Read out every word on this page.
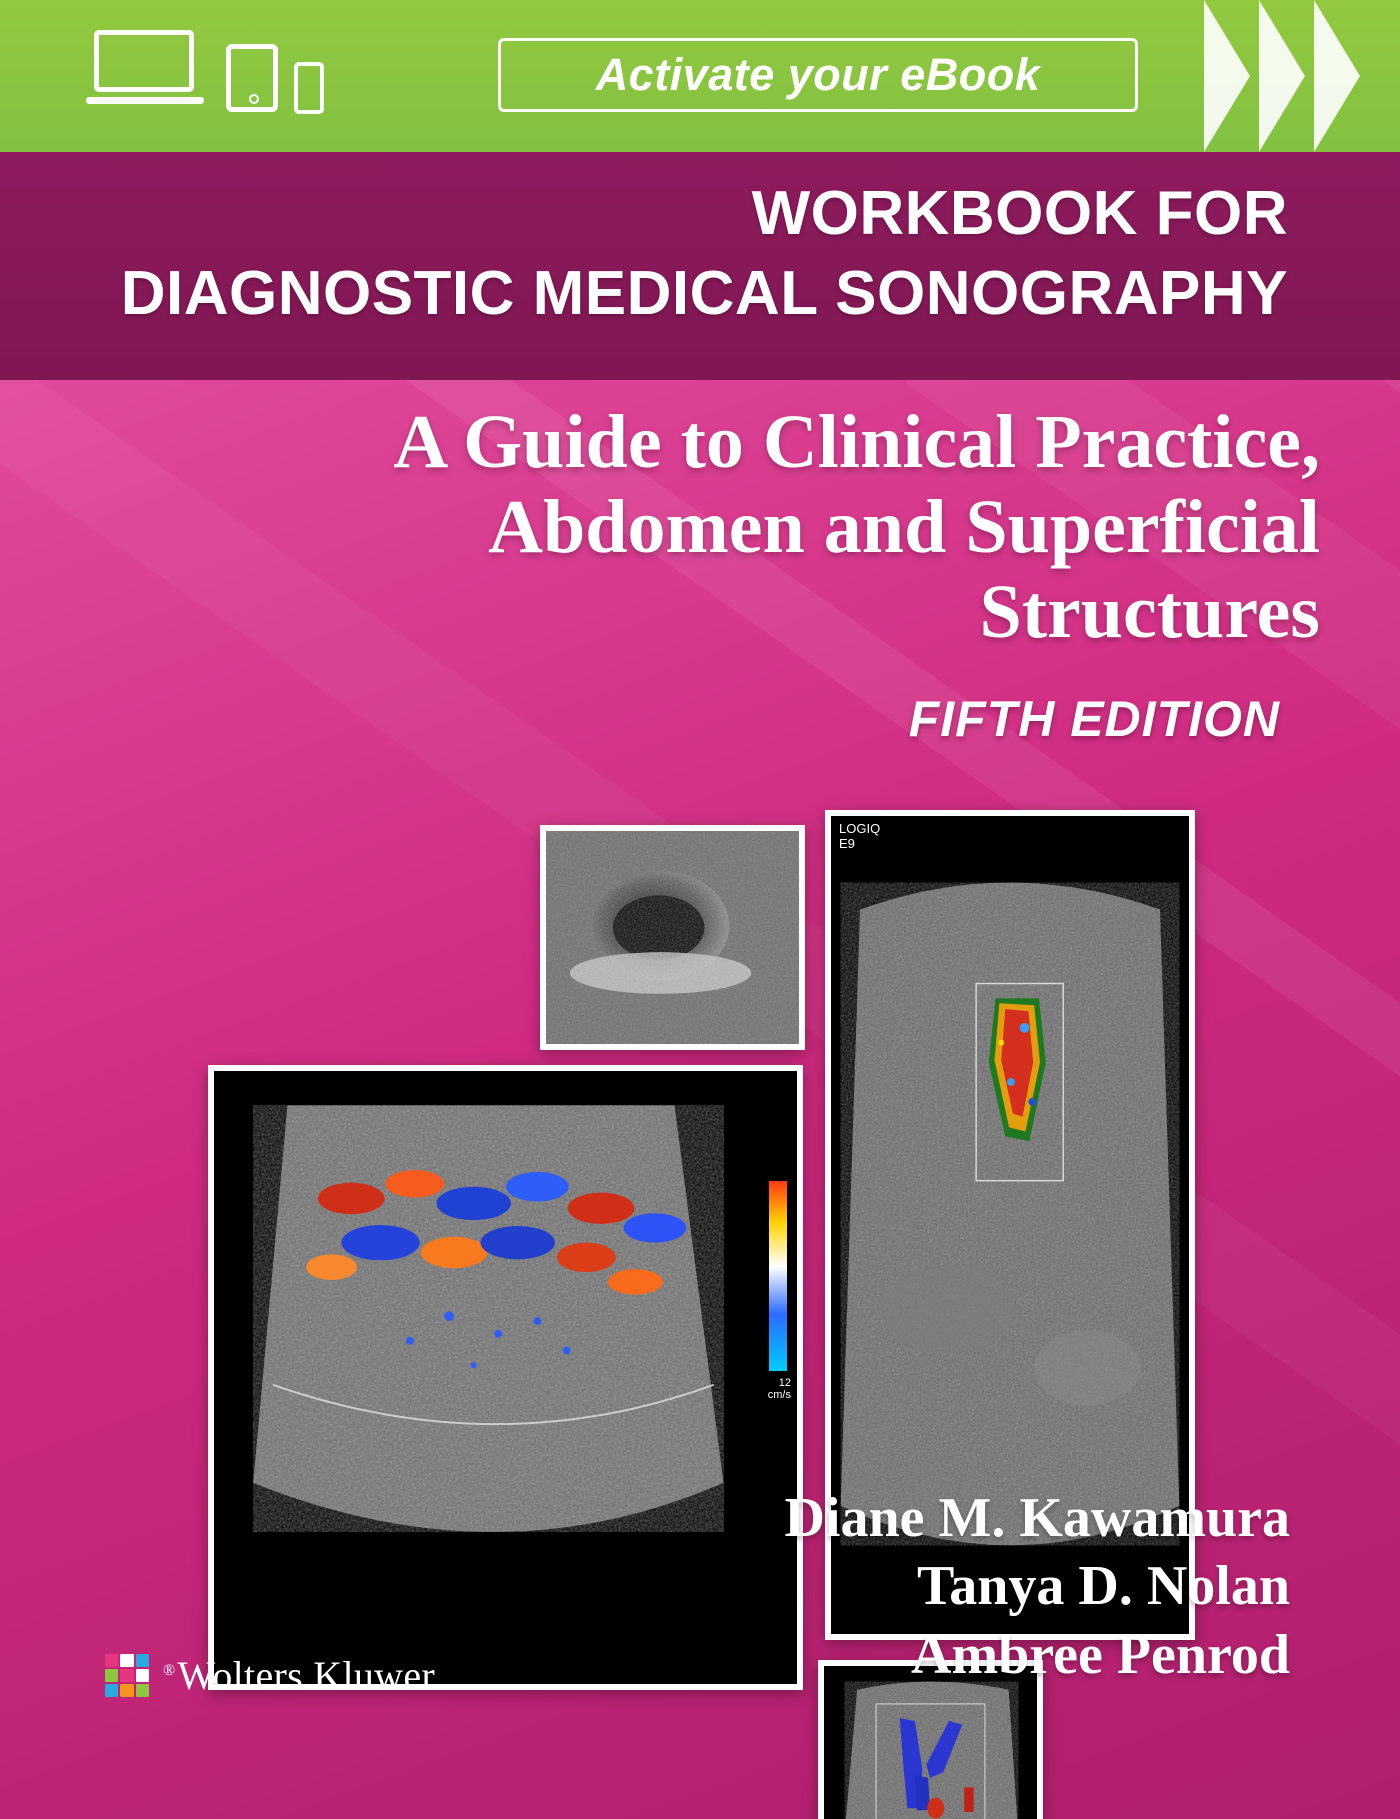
Activate your eBook
WORKBOOK FOR
DIAGNOSTIC MEDICAL SONOGRAPHY
A Guide to Clinical Practice,
Abdomen and Superficial
Structures
FIFTH EDITION
LOGIQ
E9
12
cm/s
Diane M. Kawamura
Tanya D. Nolan
Ambree Penrod
®Wolters Kluwer
